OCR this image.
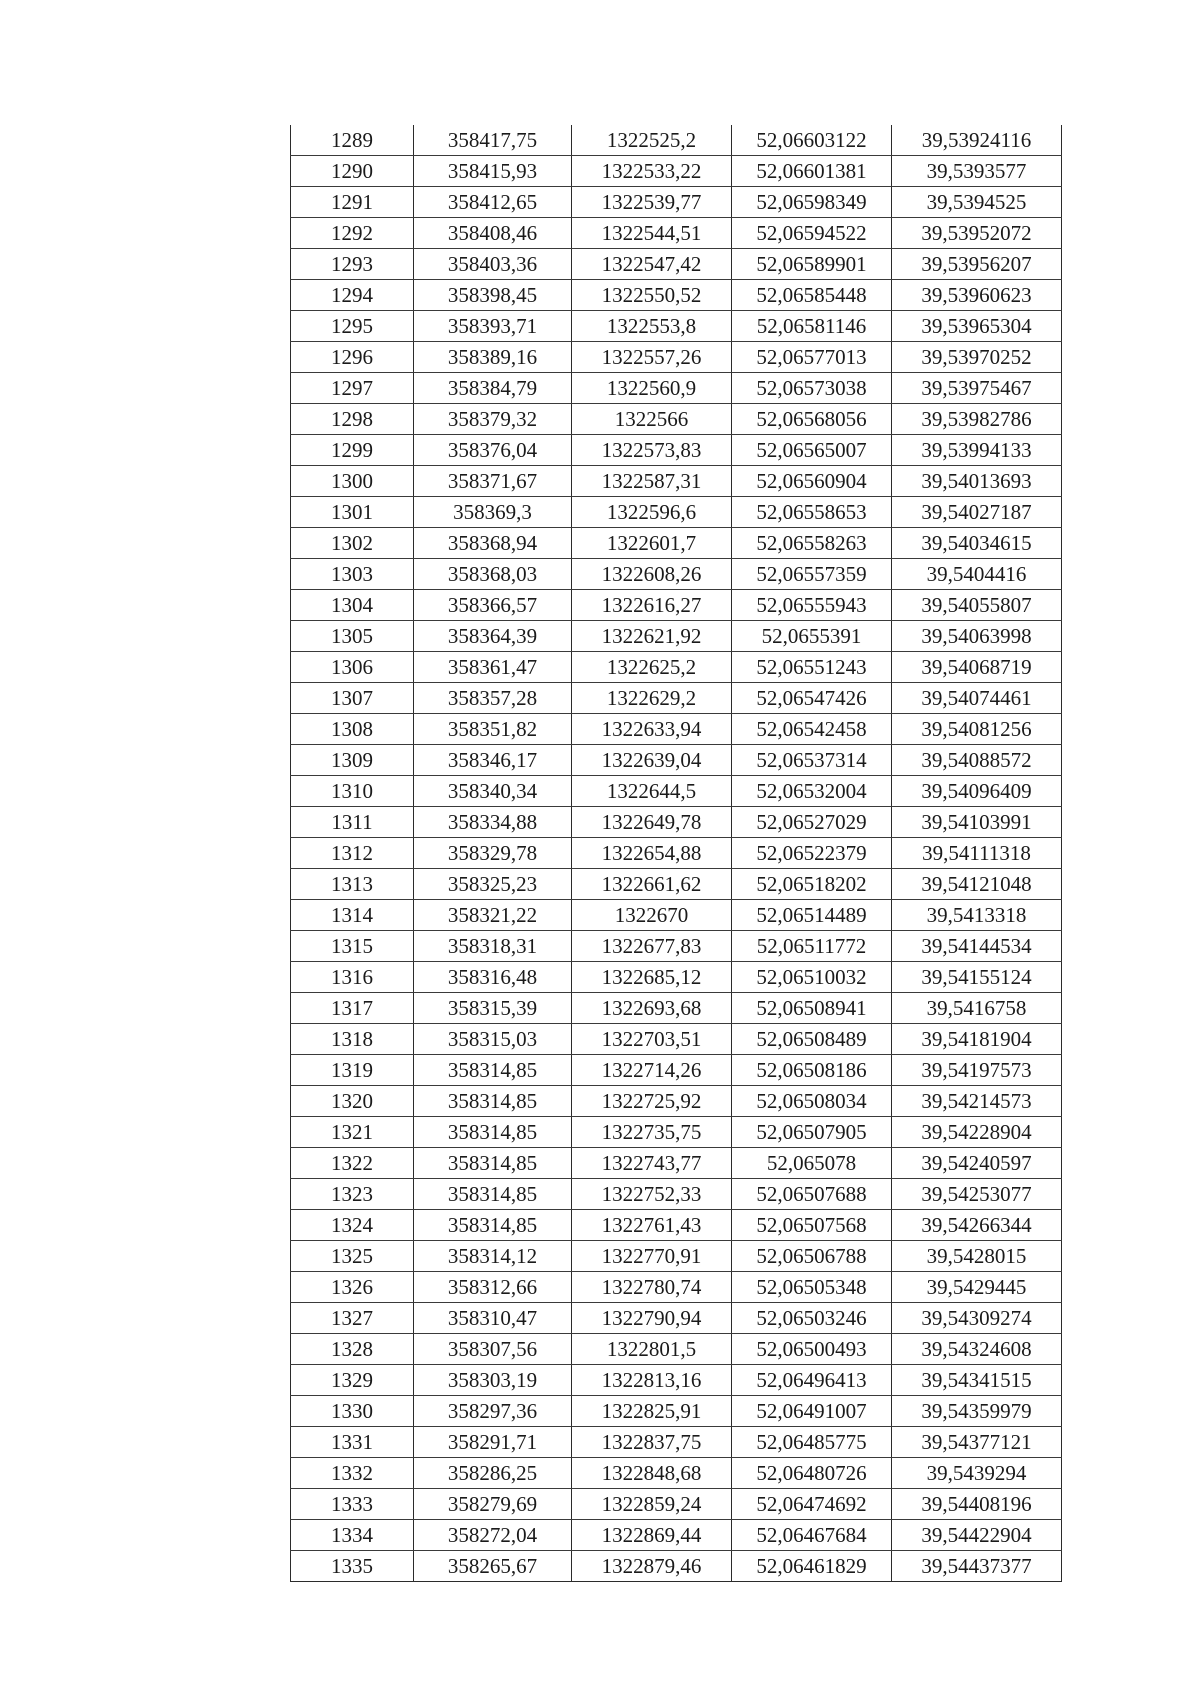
1289	358417,75	1322525,2	52,06603122	39,53924116
1290	358415,93	1322533,22	52,06601381	39,5393577
1291	358412,65	1322539,77	52,06598349	39,5394525
1292	358408,46	1322544,51	52,06594522	39,53952072
1293	358403,36	1322547,42	52,06589901	39,53956207
1294	358398,45	1322550,52	52,06585448	39,53960623
1295	358393,71	1322553,8	52,06581146	39,53965304
1296	358389,16	1322557,26	52,06577013	39,53970252
1297	358384,79	1322560,9	52,06573038	39,53975467
1298	358379,32	1322566	52,06568056	39,53982786
1299	358376,04	1322573,83	52,06565007	39,53994133
1300	358371,67	1322587,31	52,06560904	39,54013693
1301	358369,3	1322596,6	52,06558653	39,54027187
1302	358368,94	1322601,7	52,06558263	39,54034615
1303	358368,03	1322608,26	52,06557359	39,5404416
1304	358366,57	1322616,27	52,06555943	39,54055807
1305	358364,39	1322621,92	52,0655391	39,54063998
1306	358361,47	1322625,2	52,06551243	39,54068719
1307	358357,28	1322629,2	52,06547426	39,54074461
1308	358351,82	1322633,94	52,06542458	39,54081256
1309	358346,17	1322639,04	52,06537314	39,54088572
1310	358340,34	1322644,5	52,06532004	39,54096409
1311	358334,88	1322649,78	52,06527029	39,54103991
1312	358329,78	1322654,88	52,06522379	39,54111318
1313	358325,23	1322661,62	52,06518202	39,54121048
1314	358321,22	1322670	52,06514489	39,5413318
1315	358318,31	1322677,83	52,06511772	39,54144534
1316	358316,48	1322685,12	52,06510032	39,54155124
1317	358315,39	1322693,68	52,06508941	39,5416758
1318	358315,03	1322703,51	52,06508489	39,54181904
1319	358314,85	1322714,26	52,06508186	39,54197573
1320	358314,85	1322725,92	52,06508034	39,54214573
1321	358314,85	1322735,75	52,06507905	39,54228904
1322	358314,85	1322743,77	52,065078	39,54240597
1323	358314,85	1322752,33	52,06507688	39,54253077
1324	358314,85	1322761,43	52,06507568	39,54266344
1325	358314,12	1322770,91	52,06506788	39,5428015
1326	358312,66	1322780,74	52,06505348	39,5429445
1327	358310,47	1322790,94	52,06503246	39,54309274
1328	358307,56	1322801,5	52,06500493	39,54324608
1329	358303,19	1322813,16	52,06496413	39,54341515
1330	358297,36	1322825,91	52,06491007	39,54359979
1331	358291,71	1322837,75	52,06485775	39,54377121
1332	358286,25	1322848,68	52,06480726	39,5439294
1333	358279,69	1322859,24	52,06474692	39,54408196
1334	358272,04	1322869,44	52,06467684	39,54422904
1335	358265,67	1322879,46	52,06461829	39,54437377
